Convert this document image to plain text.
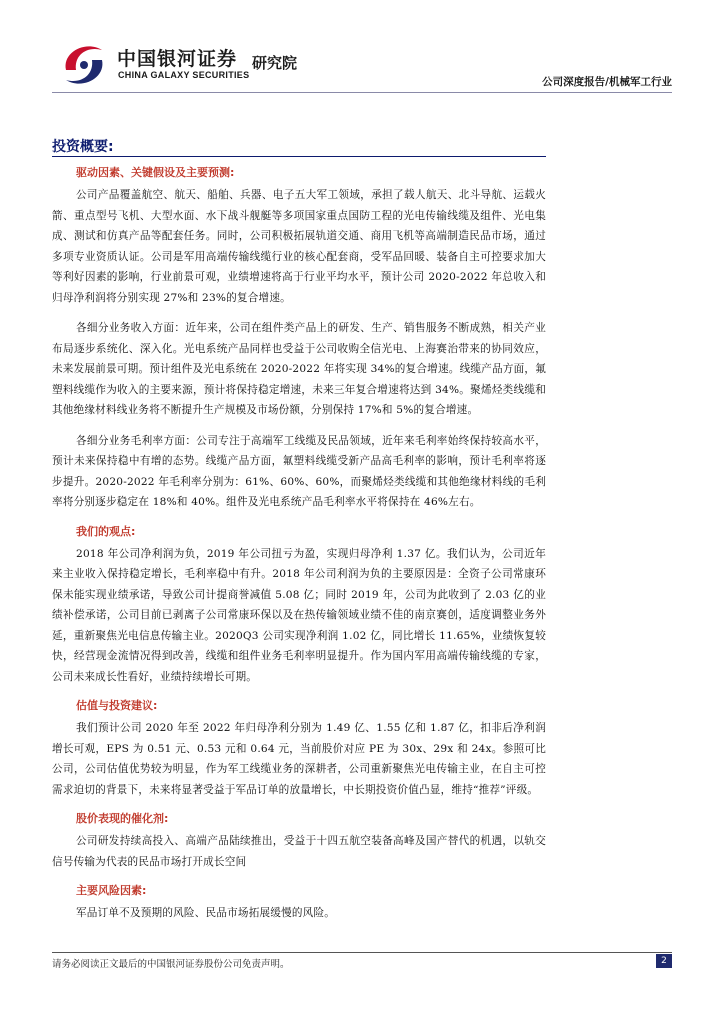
中国银河证券
CHINA GALAXY SECURITIES
研究院
公司深度报告/机械军工行业
投资概要:
驱动因素、关键假设及主要预测:

公司产品覆盖航空、航天、船舶、兵器、电子五大军工领域，承担了载人航天、北斗导航、运载火箭、重点型号飞机、大型水面、水下战斗舰艇等多项国家重点国防工程的光电传输线缆及组件、光电集成、测试和仿真产品等配套任务。同时，公司积极拓展轨道交通、商用飞机等高端制造民品市场，通过多项专业资质认证。公司是军用高端传输线缆行业的核心配套商，受军品回暖、装备自主可控要求加大等利好因素的影响，行业前景可观，业绩增速将高于行业平均水平，预计公司 2020-2022 年总收入和归母净利润将分别实现 27%和 23%的复合增速。

各细分业务收入方面：近年来，公司在组件类产品上的研发、生产、销售服务不断成熟，相关产业布局逐步系统化、深入化。光电系统产品同样也受益于公司收购全信光电、上海赛治带来的协同效应，未来发展前景可期。预计组件及光电系统在 2020-2022 年将实现 34%的复合增速。线缆产品方面，氟塑料线缆作为收入的主要来源，预计将保持稳定增速，未来三年复合增速将达到 34%。聚烯烃类线缆和其他绝缘材料线业务将不断提升生产规模及市场份额，分别保持 17%和 5%的复合增速。

各细分业务毛利率方面：公司专注于高端军工线缆及民品领域，近年来毛利率始终保持较高水平，预计未来保持稳中有增的态势。线缆产品方面，氟塑料线缆受新产品高毛利率的影响，预计毛利率将逐步提升。2020-2022 年毛利率分别为：61%、60%、60%，而聚烯烃类线缆和其他绝缘材料线的毛利率将分别逐步稳定在 18%和 40%。组件及光电系统产品毛利率水平将保持在 46%左右。

我们的观点:

2018 年公司净利润为负，2019 年公司扭亏为盈，实现归母净利 1.37 亿。我们认为，公司近年来主业收入保持稳定增长，毛利率稳中有升。2018 年公司利润为负的主要原因是：全资子公司常康环保未能实现业绩承诺，导致公司计提商誉减值 5.08 亿；同时 2019 年，公司为此收到了 2.03 亿的业绩补偿承诺，公司目前已剥离子公司常康环保以及在热传输领域业绩不佳的南京赛创，适度调整业务外延，重新聚焦光电信息传输主业。2020Q3 公司实现净利润 1.02 亿，同比增长 11.65%，业绩恢复较快，经营现金流情况得到改善，线缆和组件业务毛利率明显提升。作为国内军用高端传输线缆的专家，公司未来成长性看好，业绩持续增长可期。

估值与投资建议:

我们预计公司 2020 年至 2022 年归母净利分别为 1.49 亿、1.55 亿和 1.87 亿，扣非后净利润增长可观，EPS 为 0.51 元、0.53 元和 0.64 元，当前股价对应 PE 为 30x、29x 和 24x。参照可比公司，公司估值优势较为明显，作为军工线缆业务的深耕者，公司重新聚焦光电传输主业，在自主可控需求迫切的背景下，未来将显著受益于军品订单的放量增长，中长期投资价值凸显，维持“推荐”评级。

股价表现的催化剂:

公司研发持续高投入、高端产品陆续推出，受益于十四五航空装备高峰及国产替代的机遇，以轨交信号传输为代表的民品市场打开成长空间

主要风险因素:

军品订单不及预期的风险、民品市场拓展缓慢的风险。

请务必阅读正文最后的中国银河证券股份公司免责声明。	2
